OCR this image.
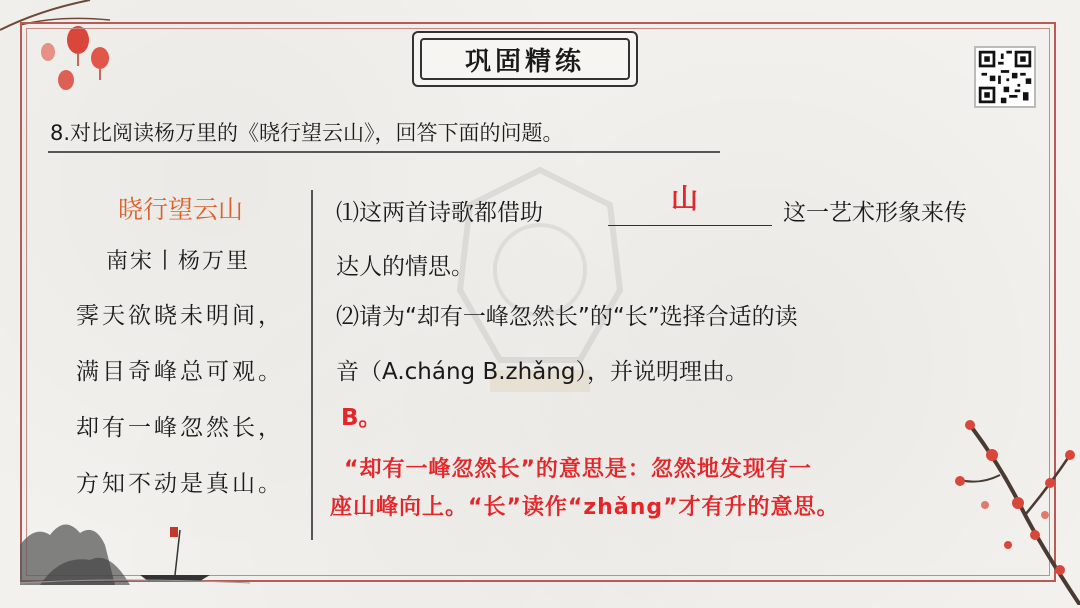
巩固精练
8.对比阅读杨万里的《晓行望云山》，回答下面的问题。
晓行望云山
南宋丨杨万里
霁天欲晓未明间，
满目奇峰总可观。
却有一峰忽然长，
方知不动是真山。
⑴这两首诗歌都借助	山	这一艺术形象来传
达人的情思。
⑵请为“却有一峰忽然长”的“长”选择合适的读
音（A.cháng B.zhǎng），并说明理由。
B。
“却有一峰忽然长”的意思是：忽然地发现有一
座山峰向上。“长”读作“zhǎng”才有升的意思。
